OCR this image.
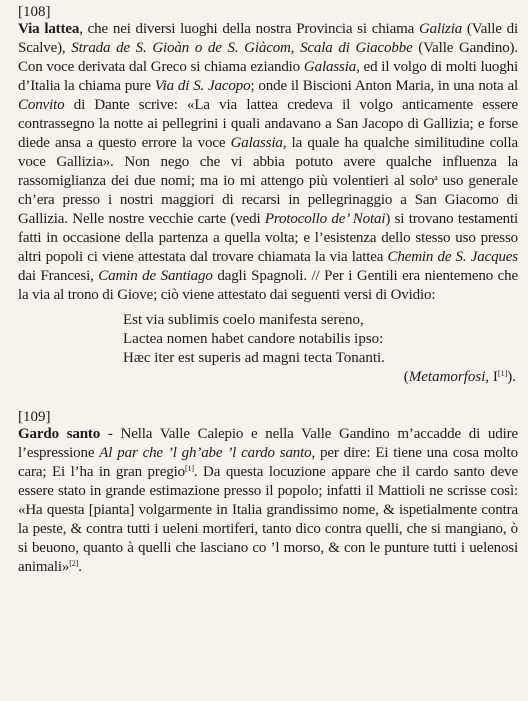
[108]

Via lattea, che nei diversi luoghi della nostra Provincia si chiama Galizia (Valle di Scalve), Strada de S. Gioàn o de S. Giàcom, Scala di Giacobbe (Valle Gandino). Con voce derivata dal Greco si chiama eziandio Galassia, ed il volgo di molti luoghi d’Italia la chiama pure Via di S. Jacopo; onde il Biscioni Anton Maria, in una nota al Convito di Dante scrive: «La via lattea credeva il volgo anticamente essere contrassegno la notte ai pellegrini i quali andavano a San Jacopo di Gallizia; e forse diede ansa a questo errore la voce Galassia, la quale ha qualche similitudine colla voce Gallizia». Non nego che vi abbia potuto avere qualche influenza la rassomiglianza dei due nomi; ma io mi attengo più volentieri al solo$^a$ uso generale ch’era presso i nostri maggiori di recarsi in pellegrinaggio a San Giacomo di Gallizia. Nelle nostre vecchie carte (vedi Protocollo de’ Notai) si trovano testamenti fatti in occasione della partenza a quella volta; e l’esistenza dello stesso uso presso altri popoli ci viene attestata dal trovare chiamata la via lattea Chemin de S. Jacques dai Francesi, Camin de Santiago dagli Spagnoli. // Per i Gentili era nientemeno che la via al trono di Giove; ciò viene attestato dai seguenti versi di Ovidio:

Est via sublimis coelo manifesta sereno,
Lactea nomen habet candore notabilis ipso:
Hæc iter est superis ad magni tecta Tonanti.
(Metamorfosi, I[1]).

[109]

Gardo santo - Nella Valle Calepio e nella Valle Gandino m’accadde di udire l’espressione Al par che ’l gh’abe ’l cardo santo, per dire: Ei tiene una cosa molto cara; Ei l’ha in gran pregio[1]. Da questa locuzione appare che il cardo santo deve essere stato in grande estimazione presso il popolo; infatti il Mattioli ne scrisse così: «Ha questa [pianta] volgarmente in Italia grandissimo nome, & ispetialmente contra la peste, & contra tutti i ueleni mortiferi, tanto dico contra quelli, che si mangiano, ò si beuono, quanto à quelli che lasciano co ’l morso, & con le punture tutti i uelenosi animali»[2].
